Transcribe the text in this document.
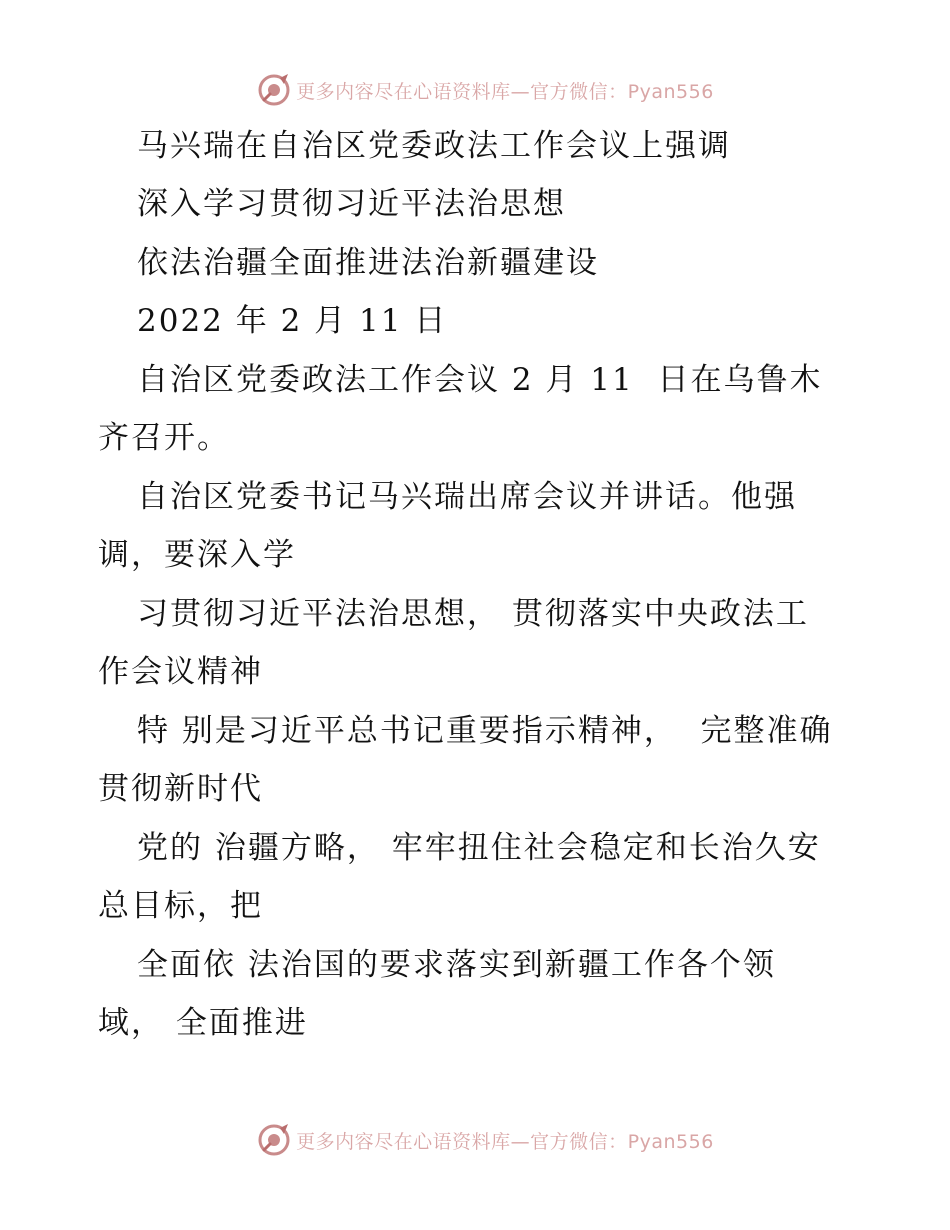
更多内容尽在心语资料库—官方微信：Pyan556
马兴瑞在自治区党委政法工作会议上强调
深入学习贯彻习近平法治思想
依法治疆全面推进法治新疆建设
2022 年 2 月 11 日
自治区党委政法工作会议 2 月 11  日在乌鲁木
齐召开。
自治区党委书记马兴瑞出席会议并讲话。他强
调，要深入学
习贯彻习近平法治思想， 贯彻落实中央政法工
作会议精神
特 别是习近平总书记重要指示精神，  完整准确
贯彻新时代
党的 治疆方略， 牢牢扭住社会稳定和长治久安
总目标，把
全面依 法治国的要求落实到新疆工作各个领
域， 全面推进
更多内容尽在心语资料库—官方微信：Pyan556
